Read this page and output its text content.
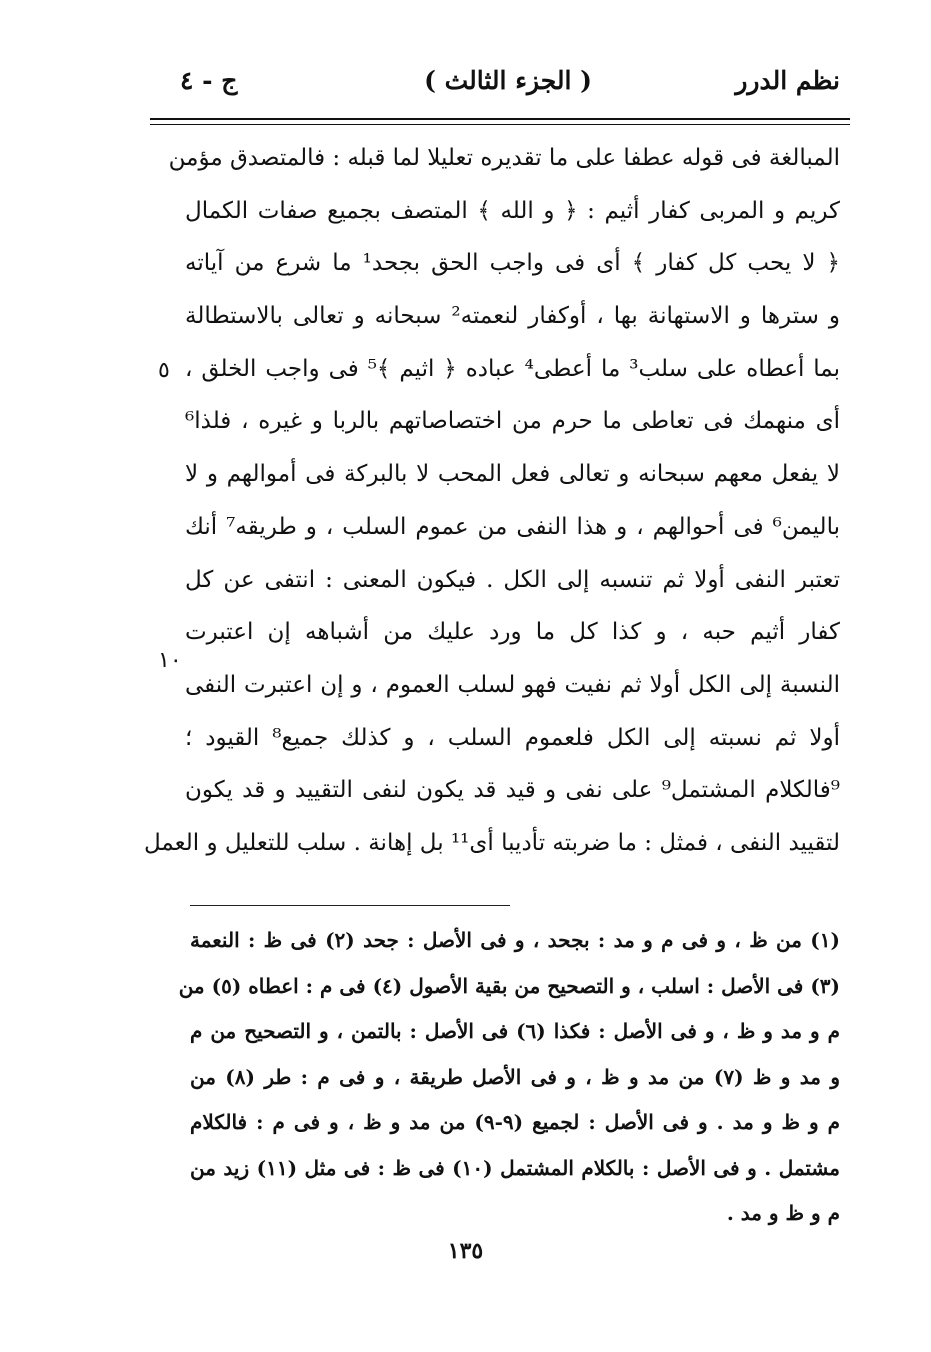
نظم الدرر
( الجزء الثالث )
ج - ٤
المبالغة فى قوله عطفا على ما تقديره تعليلا لما قبله : فالمتصدق مؤمن
كريم و المربى كفار أثيم : ﴿ و الله ﴾ المتصف بجميع صفات الكمال
﴿ لا يحب كل كفار ﴾ أى فى واجب الحق بجحد¹ ما شرع من آياته
و سترها و الاستهانة بها ، أوكفار لنعمته² سبحانه و تعالى بالاستطالة
بما أعطاه على سلب³ ما أعطى⁴ عباده ﴿ اثيم ﴾⁵ فى واجب الخلق ،
أى منهمك فى تعاطى ما حرم من اختصاصاتهم بالربا و غيره ، فلذا⁶
لا يفعل معهم سبحانه و تعالى فعل المحب لا بالبركة فى أموالهم و لا
باليمن⁶ فى أحوالهم ، و هذا النفى من عموم السلب ، و طريقه⁷ أنك
تعتبر النفى أولا ثم تنسبه إلى الكل . فيكون المعنى : انتفى عن كل
كفار أثيم حبه ، و كذا كل ما ورد عليك من أشباهه إن اعتبرت
النسبة إلى الكل أولا ثم نفيت فهو لسلب العموم ، و إن اعتبرت النفى
أولا ثم نسبته إلى الكل فلعموم السلب ، و كذلك جميع⁸ القيود ؛
⁹فالكلام المشتمل⁹ على نفى و قيد قد يكون لنفى التقييد و قد يكون
لتقييد النفى ، فمثل : ما ضربته تأديبا أى¹¹ بل إهانة . سلب للتعليل و العمل
٥
١٠
(١) من ظ ، و فى م و مد : بجحد ، و فى الأصل : جحد (٢) فى ظ : النعمة
(٣) فى الأصل : اسلب ، و التصحيح من بقية الأصول (٤) فى م : اعطاه (٥) من
م و مد و ظ ، و فى الأصل : فكذا (٦) فى الأصل : بالتمن ، و التصحيح من م
و مد و ظ (٧) من مد و ظ ، و فى الأصل طريقة ، و فى م : طر (٨) من
م و ظ و مد . و فى الأصل : لجميع (٩-٩) من مد و ظ ، و فى م : فالكلام
مشتمل . و فى الأصل : بالكلام المشتمل (١٠) فى ظ : فى مثل (١١) زيد من
م و ظ و مد .
١٣٥
